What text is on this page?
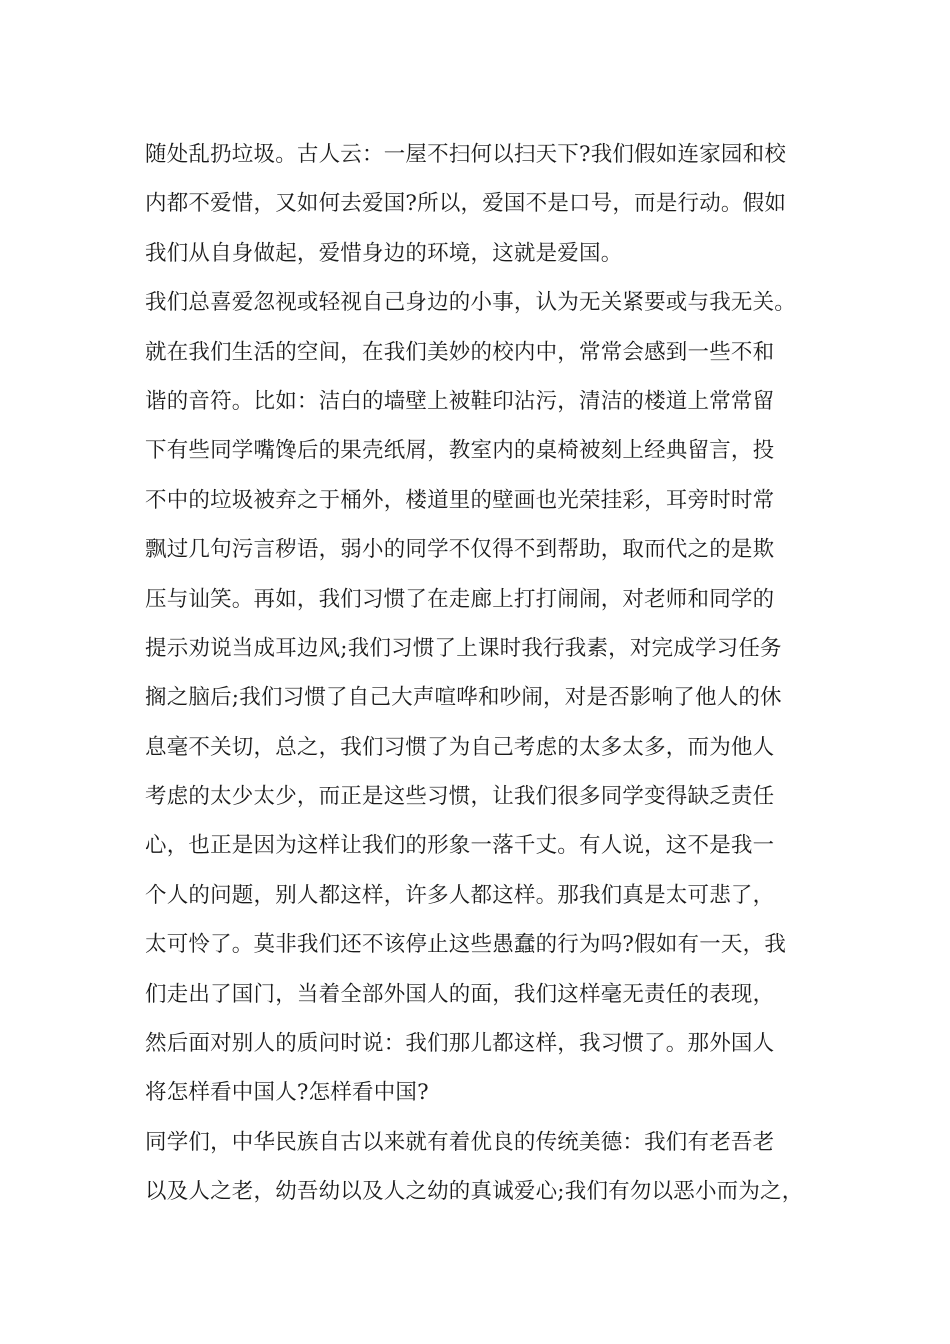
随处乱扔垃圾。古人云：一屋不扫何以扫天下?我们假如连家园和校
内都不爱惜，又如何去爱国?所以，爱国不是口号，而是行动。假如
我们从自身做起，爱惜身边的环境，这就是爱国。
我们总喜爱忽视或轻视自己身边的小事，认为无关紧要或与我无关。
就在我们生活的空间，在我们美妙的校内中，常常会感到一些不和
谐的音符。比如：洁白的墙壁上被鞋印沾污，清洁的楼道上常常留
下有些同学嘴馋后的果壳纸屑，教室内的桌椅被刻上经典留言，投
不中的垃圾被弃之于桶外，楼道里的壁画也光荣挂彩，耳旁时时常
飘过几句污言秽语，弱小的同学不仅得不到帮助，取而代之的是欺
压与讪笑。再如，我们习惯了在走廊上打打闹闹，对老师和同学的
提示劝说当成耳边风;我们习惯了上课时我行我素，对完成学习任务
搁之脑后;我们习惯了自己大声喧哗和吵闹，对是否影响了他人的休
息毫不关切，总之，我们习惯了为自己考虑的太多太多，而为他人
考虑的太少太少，而正是这些习惯，让我们很多同学变得缺乏责任
心，也正是因为这样让我们的形象一落千丈。有人说，这不是我一
个人的问题，别人都这样，许多人都这样。那我们真是太可悲了，
太可怜了。莫非我们还不该停止这些愚蠢的行为吗?假如有一天，我
们走出了国门，当着全部外国人的面，我们这样毫无责任的表现，
然后面对别人的质问时说：我们那儿都这样，我习惯了。那外国人
将怎样看中国人?怎样看中国?
同学们，中华民族自古以来就有着优良的传统美德：我们有老吾老
以及人之老，幼吾幼以及人之幼的真诚爱心;我们有勿以恶小而为之，
